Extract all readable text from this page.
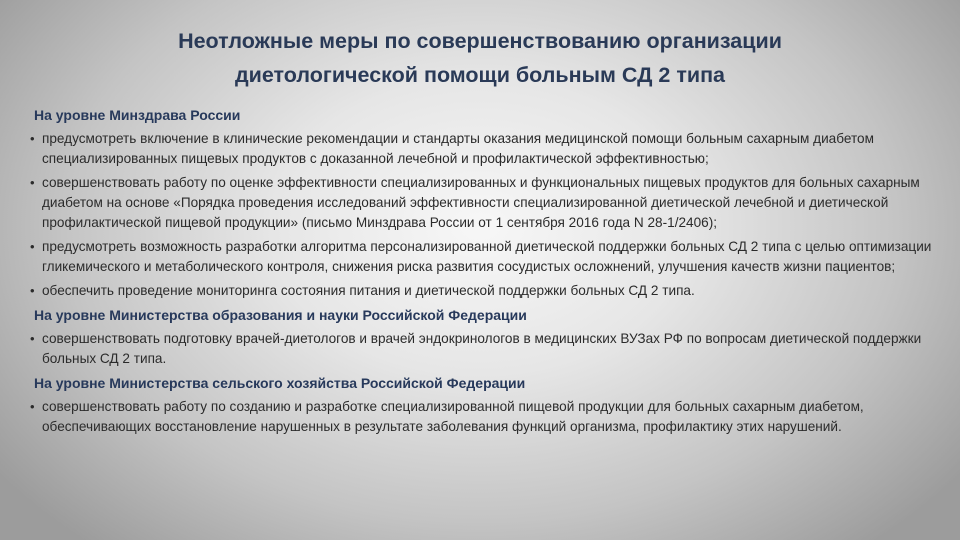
Неотложные меры по совершенствованию организации
диетологической помощи больным СД 2 типа
На уровне Минздрава России
• предусмотреть включение в клинические рекомендации и стандарты оказания медицинской помощи больным сахарным диабетом специализированных пищевых продуктов с доказанной лечебной и профилактической эффективностью;
• совершенствовать работу по оценке эффективности специализированных и функциональных пищевых продуктов для больных сахарным диабетом на основе «Порядка проведения исследований эффективности специализированной диетической лечебной и диетической профилактической пищевой продукции» (письмо Минздрава России от 1 сентября 2016 года N 28-1/2406);
• предусмотреть возможность разработки алгоритма персонализированной диетической поддержки больных СД 2 типа с целью оптимизации гликемического и метаболического контроля, снижения риска развития сосудистых осложнений, улучшения качеств жизни пациентов;
• обеспечить проведение мониторинга состояния питания и диетической поддержки больных СД 2 типа.
На уровне Министерства образования и науки Российской Федерации
• совершенствовать подготовку врачей-диетологов и врачей эндокринологов в медицинских ВУЗах РФ по вопросам диетической поддержки больных СД 2 типа.
На уровне Министерства сельского хозяйства Российской Федерации
• совершенствовать работу по созданию и разработке специализированной пищевой продукции для больных сахарным диабетом, обеспечивающих восстановление нарушенных в результате заболевания функций организма, профилактику этих нарушений.
